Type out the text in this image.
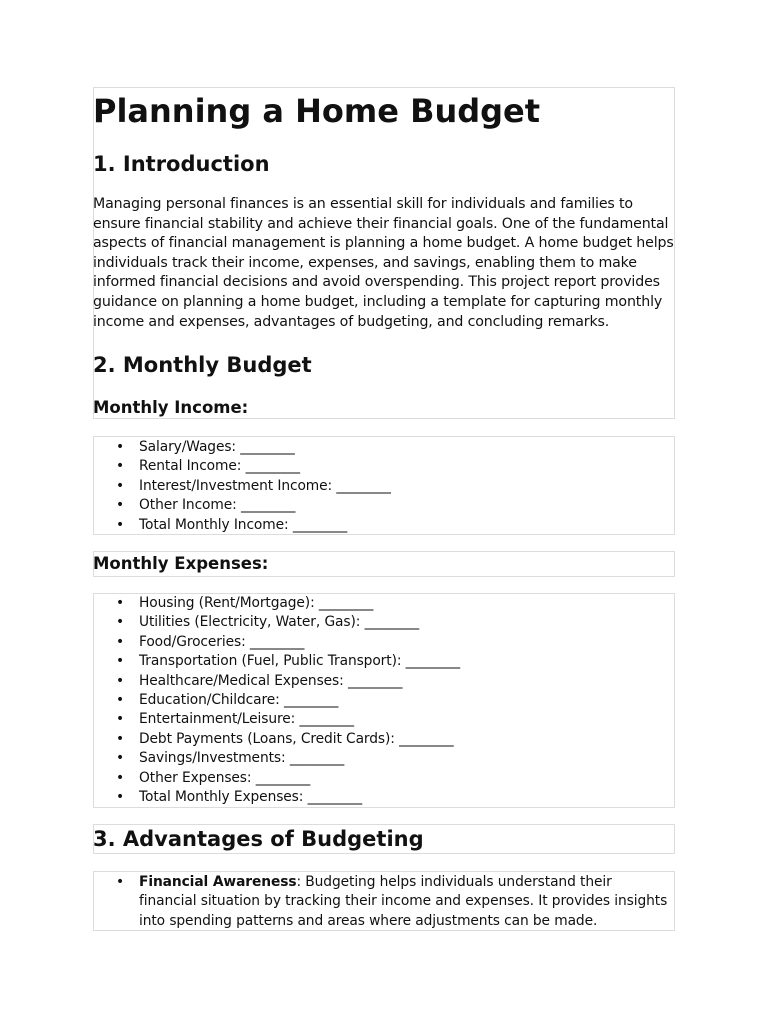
Planning a Home Budget
1. Introduction

Managing personal finances is an essential skill for individuals and families to ensure financial stability and achieve their financial goals. One of the fundamental aspects of financial management is planning a home budget. A home budget helps individuals track their income, expenses, and savings, enabling them to make informed financial decisions and avoid overspending. This project report provides guidance on planning a home budget, including a template for capturing monthly income and expenses, advantages of budgeting, and concluding remarks.

2. Monthly Budget
Monthly Income:
• Salary/Wages: ________
• Rental Income: ________
• Interest/Investment Income: ________
• Other Income: ________
• Total Monthly Income: ________
Monthly Expenses:
• Housing (Rent/Mortgage): ________
• Utilities (Electricity, Water, Gas): ________
• Food/Groceries: ________
• Transportation (Fuel, Public Transport): ________
• Healthcare/Medical Expenses: ________
• Education/Childcare: ________
• Entertainment/Leisure: ________
• Debt Payments (Loans, Credit Cards): ________
• Savings/Investments: ________
• Other Expenses: ________
• Total Monthly Expenses: ________
3. Advantages of Budgeting
• Financial Awareness: Budgeting helps individuals understand their financial situation by tracking their income and expenses. It provides insights into spending patterns and areas where adjustments can be made.
